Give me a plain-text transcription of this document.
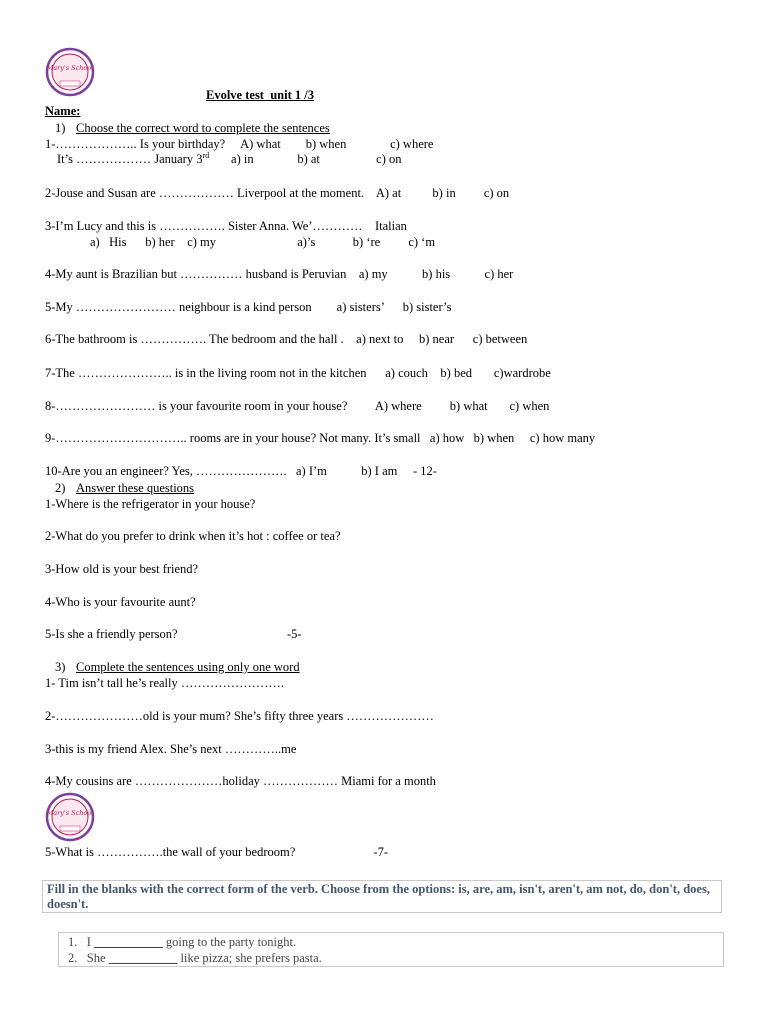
Mary's School
Evolve test  unit 1 /3
Name:
1) Choose the correct word to complete the sentences
1-……………….. Is your birthday?     A) what        b) when              c) where
It’s ……………… January 3rd       a) in              b) at                  c) on
2-Jouse and Susan are ……………… Liverpool at the moment.    A) at          b) in         c) on
3-I’m Lucy and this is ……………. Sister Anna. We’…………    Italian
a)   His      b) her    c) my                          a)’s            b) ‘re         c) ‘m
4-My aunt is Brazilian but …………… husband is Peruvian    a) my           b) his           c) her
5-My …………………… neighbour is a kind person        a) sisters’      b) sister’s
6-The bathroom is ……………. The bedroom and the hall .    a) next to     b) near      c) between
7-The ………………….. is in the living room not in the kitchen      a) couch    b) bed       c)wardrobe
8-…………………… is your favourite room in your house?         A) where         b) what       c) when
9-………………………….. rooms are in your house? Not many. It’s small   a) how   b) when     c) how many
10-Are you an engineer? Yes, ………………….   a) I’m           b) I am     - 12-
2) Answer these questions
1-Where is the refrigerator in your house?
2-What do you prefer to drink when it’s hot : coffee or tea?
3-How old is your best friend?
4-Who is your favourite aunt?
5-Is she a friendly person?                                   -5-
3) Complete the sentences using only one word
1- Tim isn’t tall he’s really …………………….
2-…………………old is your mum? She’s fifty three years …………………
3-this is my friend Alex. She’s next …………..me
4-My cousins are …………………holiday ……………… Miami for a month
Mary's School
5-What is …………….the wall of your bedroom?                         -7-
Fill in the blanks with the correct form of the verb. Choose from the options: is, are, am, isn't, aren't, am not, do, don't, does, doesn't.
1. I ___________ going to the party tonight.
2. She ___________ like pizza; she prefers pasta.
